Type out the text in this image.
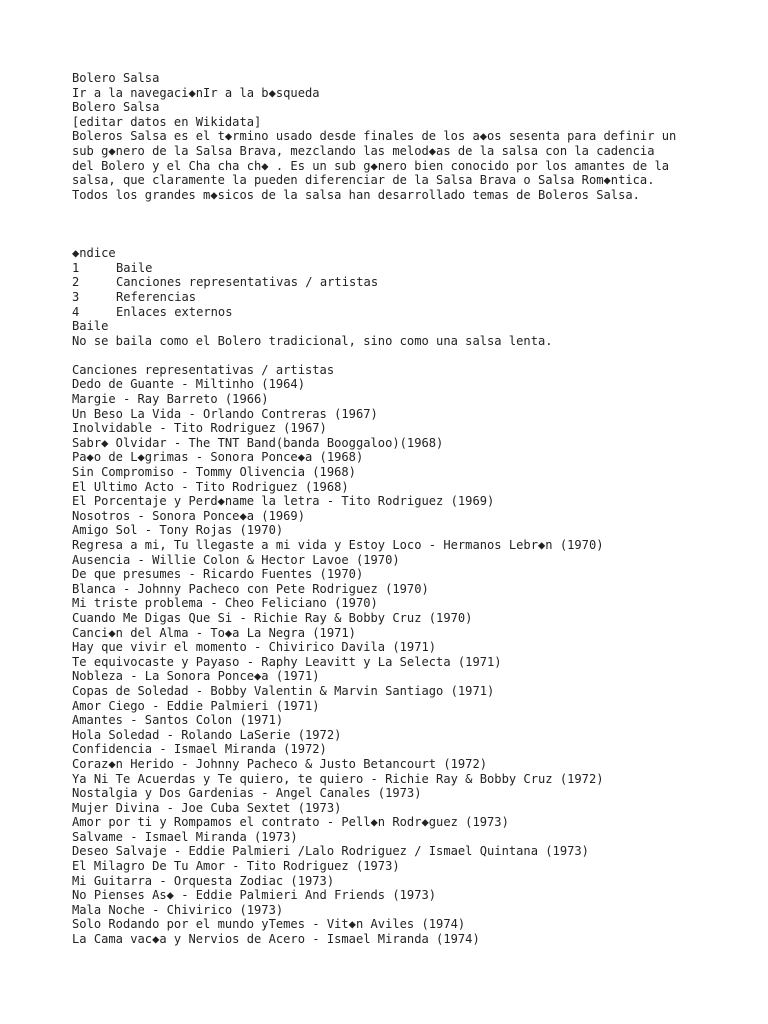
Bolero Salsa
Ir a la navegaci◆nIr a la b◆squeda
Bolero Salsa
[editar datos en Wikidata]
Boleros Salsa es el t◆rmino usado desde finales de los a◆os sesenta para definir un
sub g◆nero de la Salsa Brava, mezclando las melod◆as de la salsa con la cadencia
del Bolero y el Cha cha ch◆ . Es un sub g◆nero bien conocido por los amantes de la
salsa, que claramente la pueden diferenciar de la Salsa Brava o Salsa Rom◆ntica.
Todos los grandes m◆sicos de la salsa han desarrollado temas de Boleros Salsa.
◆ndice
1	Baile
2	Canciones representativas / artistas
3	Referencias
4	Enlaces externos
Baile
No se baila como el Bolero tradicional, sino como una salsa lenta.
Canciones representativas / artistas
Dedo de Guante - Miltinho (1964)
Margie - Ray Barreto (1966)
Un Beso La Vida - Orlando Contreras (1967)
Inolvidable - Tito Rodriguez (1967)
Sabr◆ Olvidar - The TNT Band(banda Booggaloo)(1968)
Pa◆o de L◆grimas - Sonora Ponce◆a (1968)
Sin Compromiso - Tommy Olivencia (1968)
El Ultimo Acto - Tito Rodriguez (1968)
El Porcentaje y Perd◆name la letra - Tito Rodriguez (1969)
Nosotros - Sonora Ponce◆a (1969)
Amigo Sol - Tony Rojas (1970)
Regresa a mi, Tu llegaste a mi vida y Estoy Loco - Hermanos Lebr◆n (1970)
Ausencia - Willie Colon & Hector Lavoe (1970)
De que presumes - Ricardo Fuentes (1970)
Blanca - Johnny Pacheco con Pete Rodriguez (1970)
Mi triste problema - Cheo Feliciano (1970)
Cuando Me Digas Que Si - Richie Ray & Bobby Cruz (1970)
Canci◆n del Alma - To◆a La Negra (1971)
Hay que vivir el momento - Chivirico Davila (1971)
Te equivocaste y Payaso - Raphy Leavitt y La Selecta (1971)
Nobleza - La Sonora Ponce◆a (1971)
Copas de Soledad - Bobby Valentin & Marvin Santiago (1971)
Amor Ciego - Eddie Palmieri (1971)
Amantes - Santos Colon (1971)
Hola Soledad - Rolando LaSerie (1972)
Confidencia - Ismael Miranda (1972)
Coraz◆n Herido - Johnny Pacheco & Justo Betancourt (1972)
Ya Ni Te Acuerdas y Te quiero, te quiero - Richie Ray & Bobby Cruz (1972)
Nostalgia y Dos Gardenias - Angel Canales (1973)
Mujer Divina - Joe Cuba Sextet (1973)
Amor por ti y Rompamos el contrato - Pell◆n Rodr◆guez (1973)
Salvame - Ismael Miranda (1973)
Deseo Salvaje - Eddie Palmieri /Lalo Rodriguez / Ismael Quintana (1973)
El Milagro De Tu Amor - Tito Rodriguez (1973)
Mi Guitarra - Orquesta Zodiac (1973)
No Pienses As◆ - Eddie Palmieri And Friends (1973)
Mala Noche - Chivirico (1973)
Solo Rodando por el mundo yTemes - Vit◆n Aviles (1974)
La Cama vac◆a y Nervios de Acero - Ismael Miranda (1974)
